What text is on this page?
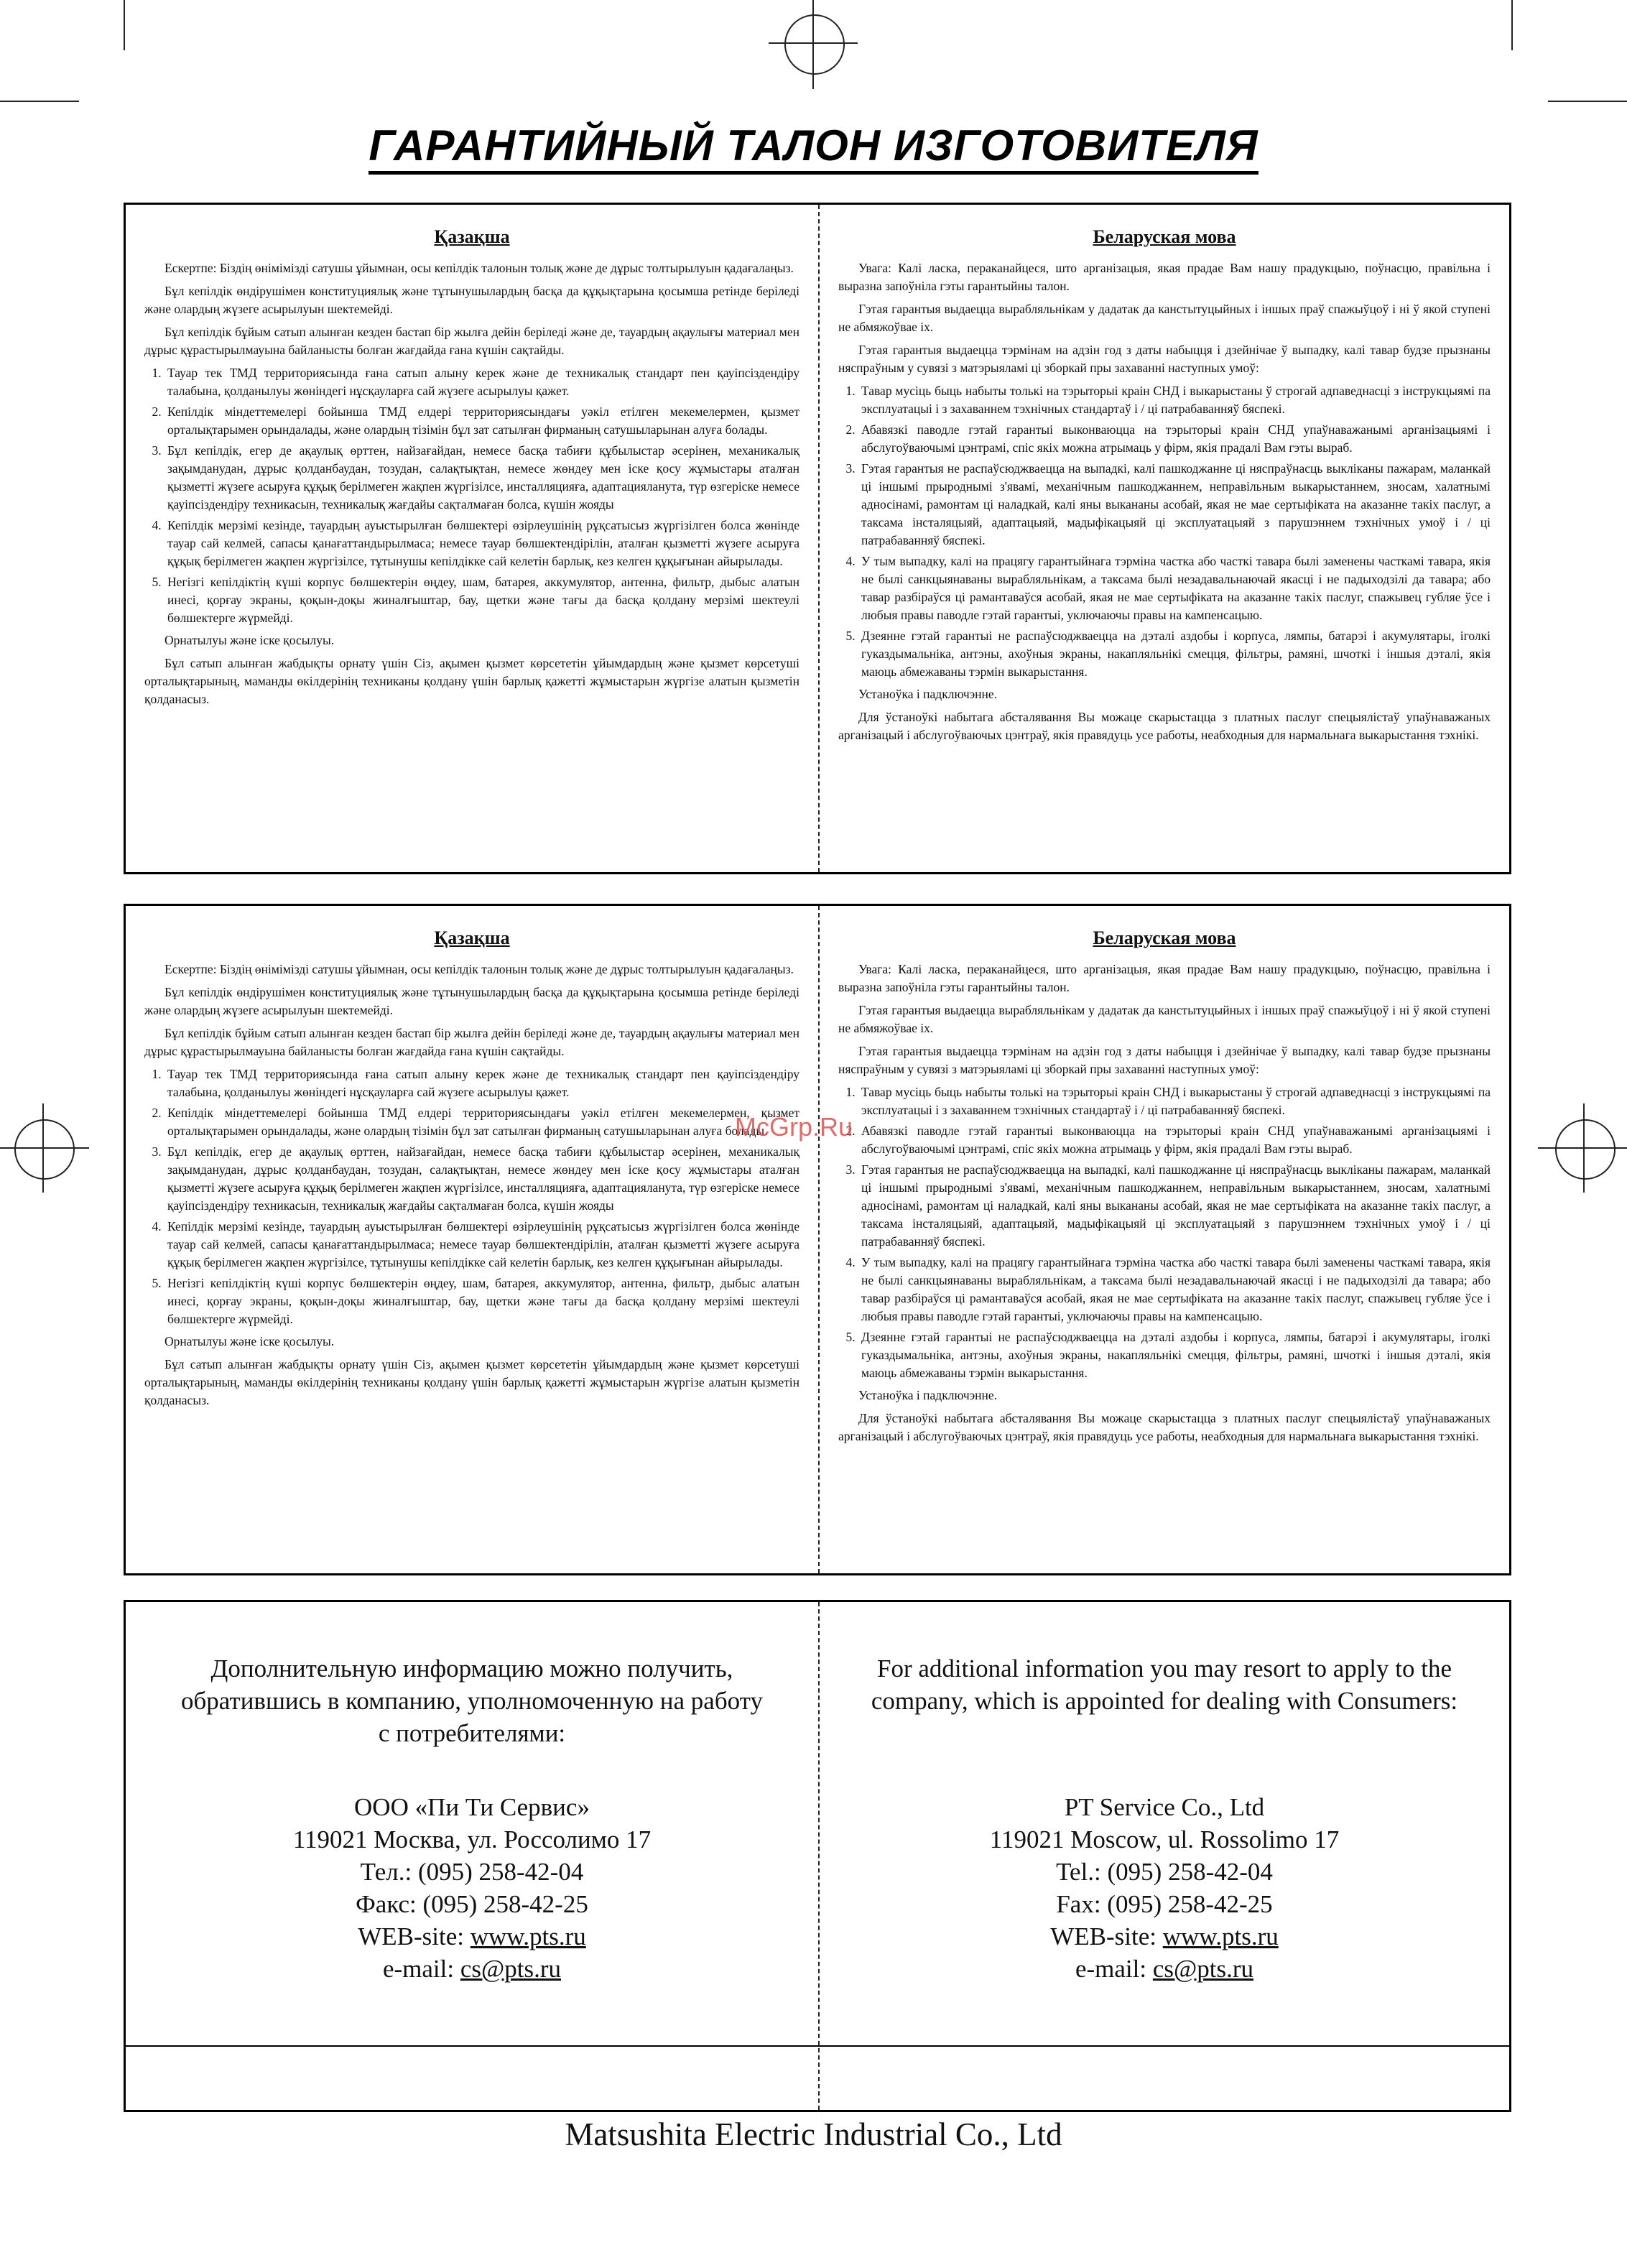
ГАРАНТИЙНЫЙ ТАЛОН ИЗГОТОВИТЕЛЯ
Қазақша

Ескертпе: Біздің өнімімізді сатушы ұйымнан, осы кепілдік талонын толық және де дұрыс толтырылуын қадағалаңыз.

Бұл кепілдік өндірушімен конституциялық және тұтынушылардың басқа да құқықтарына қосымша ретінде беріледі және олардың жүзеге асырылуын шектемейді.

Бұл кепілдік бұйым сатып алынған кезден бастап бір жылға дейін беріледі және де, тауардың ақаулығы материал мен дұрыс құрастырылмауына байланысты болған жағдайда ғана күшін сақтайды.

1. Тауар тек ТМД территориясында ғана сатып алыну керек және де техникалық стандарт пен қауіпсіздендіру талабына, қолданылуы жөніндегі нұсқауларға сай жүзеге асырылуы қажет.
2. Кепілдік міндеттемелері бойынша ТМД елдері территориясындағы уәкіл етілген мекемелермен, қызмет орталықтарымен орындалады, және олардың тізімін бұл зат сатылған фирманың сатушыларынан алуға болады.
3. Бұл кепілдік, егер де ақаулық өрттен, найзағайдан, немесе басқа табиғи құбылыстар әсерінен, механикалық зақымданудан, дұрыс қолданбаудан, тозудан, салақтықтан, немесе жөндеу мен іске қосу жұмыстары аталған қызметті жүзеге асыруға құқық берілмеген жақпен жүргізілсе, инсталляцияға, адаптацияланута, түр өзгеріске немесе қауіпсіздендіру техникасын, техникалық жағдайы сақталмаған болса, күшін жояды
4. Кепілдік мерзімі кезінде, тауардың ауыстырылған бөлшектері өзірлеушінің рұқсатысыз жүргізілген болса жөнінде тауар сай келмей, сапасы қанағаттандырылмаса; немесе тауар бөлшектендірілін, аталған қызметті жүзеге асыруға құқық берілмеген жақпен жүргізілсе, тұтынушы кепілдікке сай келетін барлық, кез келген құқығынан айырылады.
5. Негізгі кепілдіктің күші корпус бөлшектерін өңдеу, шам, батарея, аккумулятор, антенна, фильтр, дыбыс алатын инесі, қорғау экраны, қоқын-доқы жиналғыштар, бау, щетки және тағы да басқа қолдану мерзімі шектеулі бөлшектерге жүрмейді.

Орнатылуы және іске қосылуы.

Бұл сатып алынған жабдықты орнату үшін Сіз, ақымен қызмет көрсететін ұйымдардың және қызмет көрсетуші орталықтарының, маманды өкілдерінің техниканы қолдану үшін барлық қажетті жұмыстарын жүргізе алатын қызметін қолданасыз.

Беларуская мова

Увага: Калі ласка, пераканайцеся, што арганізацыя, якая прадае Вам нашу прадукцыю, поўнасцю, правільна і выразна запоўніла гэты гарантыйны талон.

Гэтая гарантыя выдаецца вырабляльнікам у дадатак да канстытуцыйных і іншых праў спажыўцоў і ні ў якой ступені не абмяжоўвае іх.

Гэтая гарантыя выдаецца тэрмінам на адзін год з даты набыцця і дзейнічае ў выпадку, калі тавар будзе прызнаны няспраўным у сувязі з матэрыяламі ці зборкай пры захаванні наступных умоў:

1. Тавар мусіць быць набыты толькі на тэрыторыі краін СНД і выкарыстаны ў строгай адпаведнасці з інструкцыямі па эксплуатацыі і з захаваннем тэхнічных стандартаў і / ці патрабаванняў бяспекі.
2. Абавязкі паводле гэтай гарантыі выконваюцца на тэрыторыі краін СНД упаўнаважанымі арганізацыямі і абслугоўваючымі цэнтрамі, спіс якіх можна атрымаць у фірм, якія прадалі Вам гэты выраб.
3. Гэтая гарантыя не распаўсюджваецца на выпадкі, калі пашкоджанне ці няспраўнасць выкліканы пажарам, маланкай ці іншымі прыроднымі з'явамі, механічным пашкоджаннем, неправільным выкарыстаннем, зносам, халатнымі адносінамі, рамонтам ці наладкай, калі яны выкананы асобай, якая не мае сертыфіката на аказанне такіх паслуг, а таксама інсталяцыяй, адаптацыяй, мадыфікацыяй ці эксплуатацыяй з парушэннем тэхнічных умоў і / ці патрабаванняў бяспекі.
4. У тым выпадку, калі на працягу гарантыйнага тэрміна частка або часткі тавара былі заменены часткамі тавара, якія не былі санкцыянаваны вырабляльнікам, а таксама былі незадавальнаючай якасці і не падыходзілі да тавара; або тавар разбіраўся ці рамантаваўся асобай, якая не мае сертыфіката на аказанне такіх паслуг, спажывец губляе ўсе і любыя правы паводле гэтай гарантыі, уключаючы правы на кампенсацыю.
5. Дзеянне гэтай гарантыі не распаўсюджваецца на дэталі аздобы і корпуса, лямпы, батарэі і акумулятары, іголкі гуказдымальніка, антэны, ахоўныя экраны, накапляльнікі смецця, фільтры, рамяні, шчоткі і іншыя дэталі, якія маюць абмежаваны тэрмін выкарыстання.

Устаноўка і падключэнне.

Для ўстаноўкі набытага абсталявання Вы можаце скарыстацца з платных паслуг спецыялістаў упаўнаважаных арганізацый і абслугоўваючых цэнтраў, якія правядуць усе работы, неабходныя для нармальнага выкарыстання тэхнікі.

Қазақша

Ескертпе: Біздің өнімімізді сатушы ұйымнан, осы кепілдік талонын толық және де дұрыс толтырылуын қадағалаңыз.

Бұл кепілдік өндірушімен конституциялық және тұтынушылардың басқа да құқықтарына қосымша ретінде беріледі және олардың жүзеге асырылуын шектемейді.

Бұл кепілдік бұйым сатып алынған кезден бастап бір жылға дейін беріледі және де, тауардың ақаулығы материал мен дұрыс құрастырылмауына байланысты болған жағдайда ғана күшін сақтайды.

1. Тауар тек ТМД территориясында ғана сатып алыну керек және де техникалық стандарт пен қауіпсіздендіру талабына, қолданылуы жөніндегі нұсқауларға сай жүзеге асырылуы қажет.
2. Кепілдік міндеттемелері бойынша ТМД елдері территориясындағы уәкіл етілген мекемелермен, қызмет орталықтарымен орындалады, және олардың тізімін бұл зат сатылған фирманың сатушыларынан алуға болады.
3. Бұл кепілдік, егер де ақаулық өрттен, найзағайдан, немесе басқа табиғи құбылыстар әсерінен, механикалық зақымданудан, дұрыс қолданбаудан, тозудан, салақтықтан, немесе жөндеу мен іске қосу жұмыстары аталған қызметті жүзеге асыруға құқық берілмеген жақпен жүргізілсе, инсталляцияға, адаптацияланута, түр өзгеріске немесе қауіпсіздендіру техникасын, техникалық жағдайы сақталмаған болса, күшін жояды
4. Кепілдік мерзімі кезінде, тауардың ауыстырылған бөлшектері өзірлеушінің рұқсатысыз жүргізілген болса жөнінде тауар сай келмей, сапасы қанағаттандырылмаса; немесе тауар бөлшектендірілін, аталған қызметті жүзеге асыруға құқық берілмеген жақпен жүргізілсе, тұтынушы кепілдікке сай келетін барлық, кез келген құқығынан айырылады.
5. Негізгі кепілдіктің күші корпус бөлшектерін өңдеу, шам, батарея, аккумулятор, антенна, фильтр, дыбыс алатын инесі, қорғау экраны, қоқын-доқы жиналғыштар, бау, щетки және тағы да басқа қолдану мерзімі шектеулі бөлшектерге жүрмейді.

Орнатылуы және іске қосылуы.

Бұл сатып алынған жабдықты орнату үшін Сіз, ақымен қызмет көрсететін ұйымдардың және қызмет көрсетуші орталықтарының, маманды өкілдерінің техниканы қолдану үшін барлық қажетті жұмыстарын жүргізе алатын қызметін қолданасыз.

Беларуская мова

Увага: Калі ласка, пераканайцеся, што арганізацыя, якая прадае Вам нашу прадукцыю, поўнасцю, правільна і выразна запоўніла гэты гарантыйны талон.

Гэтая гарантыя выдаецца вырабляльнікам у дадатак да канстытуцыйных і іншых праў спажыўцоў і ні ў якой ступені не абмяжоўвае іх.

Гэтая гарантыя выдаецца тэрмінам на адзін год з даты набыцця і дзейнічае ў выпадку, калі тавар будзе прызнаны няспраўным у сувязі з матэрыяламі ці зборкай пры захаванні наступных умоў:

1. Тавар мусіць быць набыты толькі на тэрыторыі краін СНД і выкарыстаны ў строгай адпаведнасці з інструкцыямі па эксплуатацыі і з захаваннем тэхнічных стандартаў і / ці патрабаванняў бяспекі.
2. Абавязкі паводле гэтай гарантыі выконваюцца на тэрыторыі краін СНД упаўнаважанымі арганізацыямі і абслугоўваючымі цэнтрамі, спіс якіх можна атрымаць у фірм, якія прадалі Вам гэты выраб.
3. Гэтая гарантыя не распаўсюджваецца на выпадкі, калі пашкоджанне ці няспраўнасць выкліканы пажарам, маланкай ці іншымі прыроднымі з'явамі, механічным пашкоджаннем, неправільным выкарыстаннем, зносам, халатнымі адносінамі, рамонтам ці наладкай, калі яны выкананы асобай, якая не мае сертыфіката на аказанне такіх паслуг, а таксама інсталяцыяй, адаптацыяй, мадыфікацыяй ці эксплуатацыяй з парушэннем тэхнічных умоў і / ці патрабаванняў бяспекі.
4. У тым выпадку, калі на працягу гарантыйнага тэрміна частка або часткі тавара былі заменены часткамі тавара, якія не былі санкцыянаваны вырабляльнікам, а таксама былі незадавальнаючай якасці і не падыходзілі да тавара; або тавар разбіраўся ці рамантаваўся асобай, якая не мае сертыфіката на аказанне такіх паслуг, спажывец губляе ўсе і любыя правы паводле гэтай гарантыі, уключаючы правы на кампенсацыю.
5. Дзеянне гэтай гарантыі не распаўсюджваецца на дэталі аздобы і корпуса, лямпы, батарэі і акумулятары, іголкі гуказдымальніка, антэны, ахоўныя экраны, накапляльнікі смецця, фільтры, рамяні, шчоткі і іншыя дэталі, якія маюць абмежаваны тэрмін выкарыстання.

Устаноўка і падключэнне.

Для ўстаноўкі набытага абсталявання Вы можаце скарыстацца з платных паслуг спецыялістаў упаўнаважаных арганізацый і абслугоўваючых цэнтраў, якія правядуць усе работы, неабходныя для нармальнага выкарыстання тэхнікі.

McGrp.Ru
Дополнительную информацию можно получить,
обратившись в компанию, уполномоченную на работу
с потребителями:

ООО «Пи Ти Сервис»

119021 Москва, ул. Россолимо 17

Тел.: (095) 258-42-04

Факс: (095) 258-42-25

WEB-site: www.pts.ru

e-mail: cs@pts.ru

For additional information you may resort to apply to the
company, which is appointed for dealing with Consumers:

PT Service Co., Ltd

119021 Moscow, ul. Rossolimo 17

Tel.: (095) 258-42-04

Fax: (095) 258-42-25

WEB-site: www.pts.ru

e-mail: cs@pts.ru

Matsushita Electric Industrial Co., Ltd
